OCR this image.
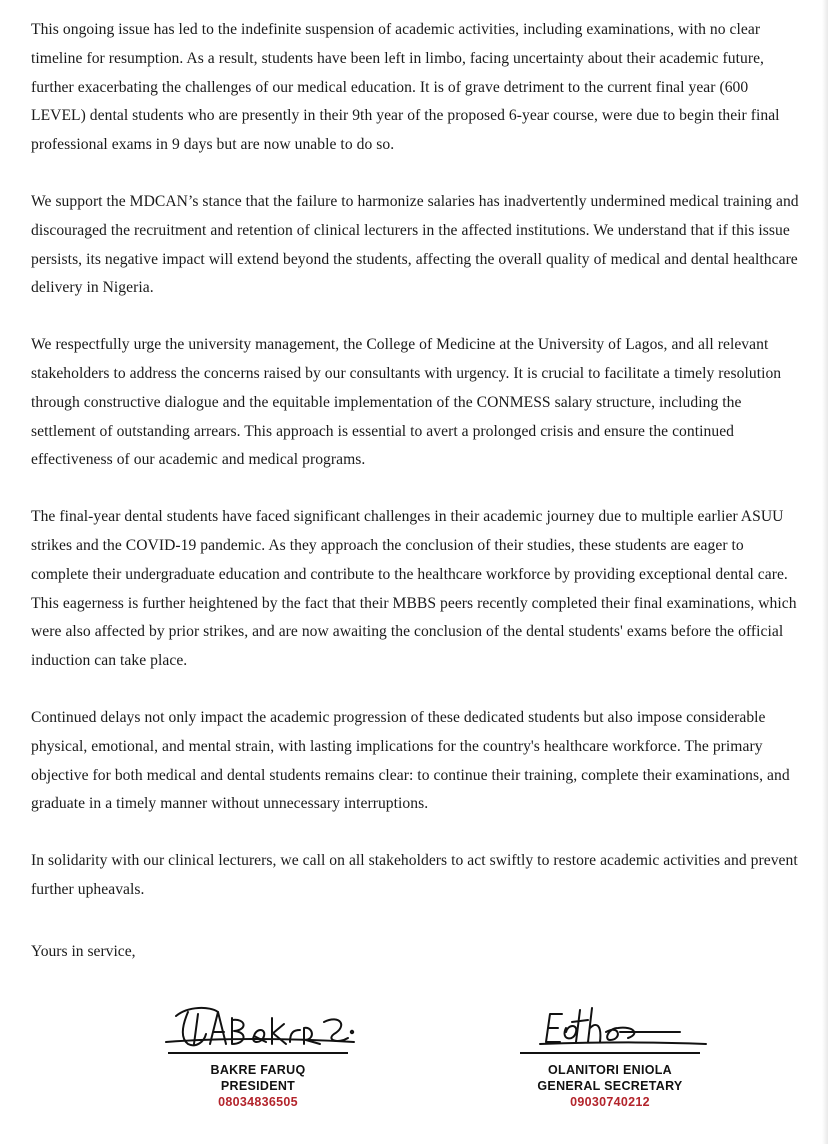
This ongoing issue has led to the indefinite suspension of academic activities, including examinations, with no clear timeline for resumption. As a result, students have been left in limbo, facing uncertainty about their academic future, further exacerbating the challenges of our medical education. It is of grave detriment to the current final year (600 LEVEL) dental students who are presently in their 9th year of the proposed 6-year course, were due to begin their final professional exams in 9 days but are now unable to do so.

We support the MDCAN’s stance that the failure to harmonize salaries has inadvertently undermined medical training and discouraged the recruitment and retention of clinical lecturers in the affected institutions. We understand that if this issue persists, its negative impact will extend beyond the students, affecting the overall quality of medical and dental healthcare delivery in Nigeria.

We respectfully urge the university management, the College of Medicine at the University of Lagos, and all relevant stakeholders to address the concerns raised by our consultants with urgency. It is crucial to facilitate a timely resolution through constructive dialogue and the equitable implementation of the CONMESS salary structure, including the settlement of outstanding arrears. This approach is essential to avert a prolonged crisis and ensure the continued effectiveness of our academic and medical programs.

The final-year dental students have faced significant challenges in their academic journey due to multiple earlier ASUU strikes and the COVID-19 pandemic. As they approach the conclusion of their studies, these students are eager to complete their undergraduate education and contribute to the healthcare workforce by providing exceptional dental care. This eagerness is further heightened by the fact that their MBBS peers recently completed their final examinations, which were also affected by prior strikes, and are now awaiting the conclusion of the dental students' exams before the official induction can take place.

Continued delays not only impact the academic progression of these dedicated students but also impose considerable physical, emotional, and mental strain, with lasting implications for the country's healthcare workforce. The primary objective for both medical and dental students remains clear: to continue their training, complete their examinations, and graduate in a timely manner without unnecessary interruptions.

In solidarity with our clinical lecturers, we call on all stakeholders to act swiftly to restore academic activities and prevent further upheavals.

Yours in service,

BAKRE FARUQ
PRESIDENT
08034836505
OLANITORI ENIOLA
GENERAL SECRETARY
09030740212
